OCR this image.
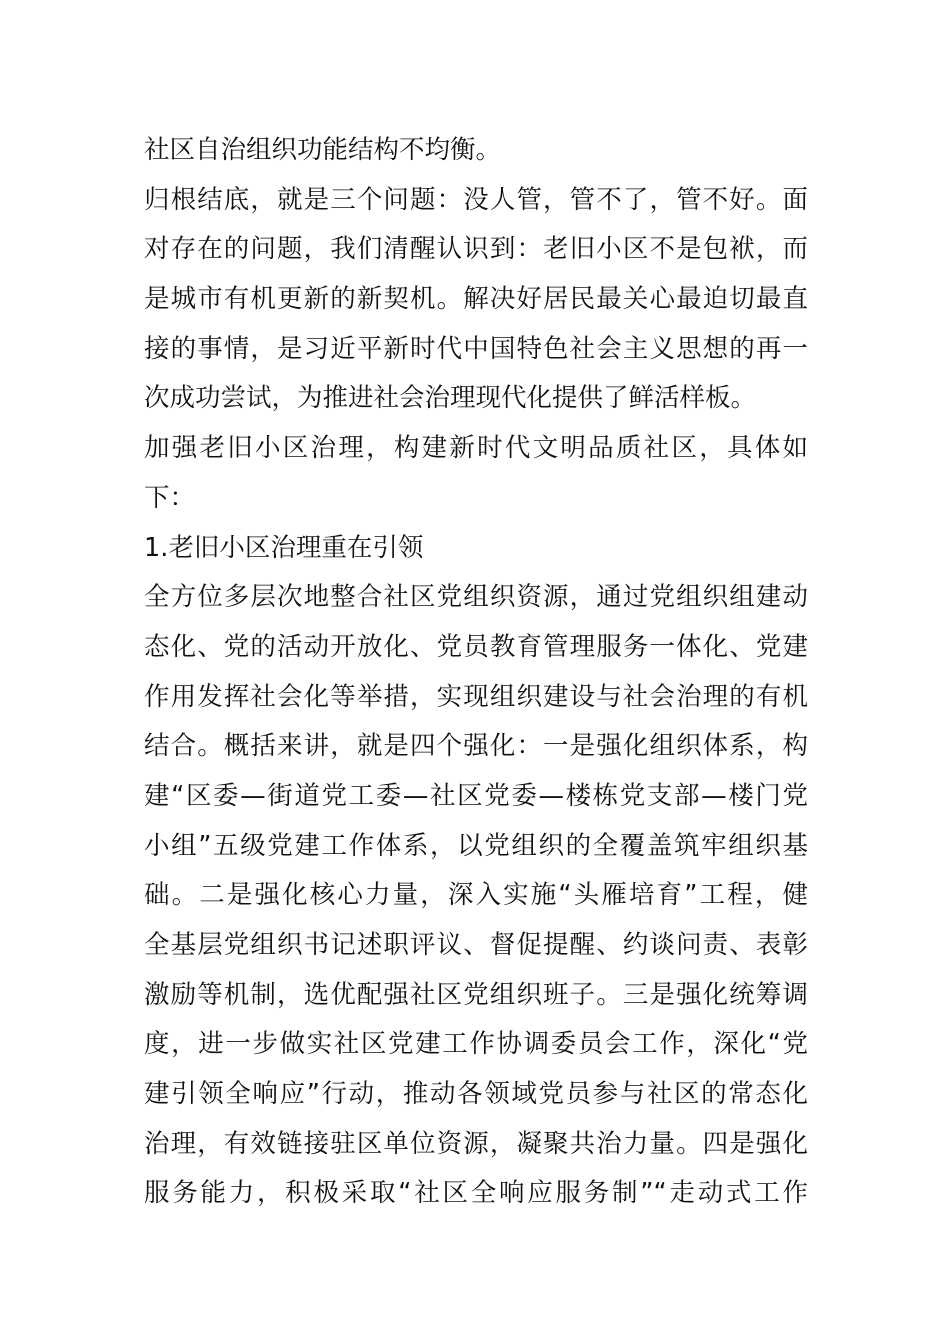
社区自治组织功能结构不均衡。
归根结底，就是三个问题：没人管，管不了，管不好。面
对存在的问题，我们清醒认识到：老旧小区不是包袱，而
是城市有机更新的新契机。解决好居民最关心最迫切最直
接的事情，是习近平新时代中国特色社会主义思想的再一
次成功尝试，为推进社会治理现代化提供了鲜活样板。
加强老旧小区治理，构建新时代文明品质社区，具体如
下：
1.老旧小区治理重在引领
全方位多层次地整合社区党组织资源，通过党组织组建动
态化、党的活动开放化、党员教育管理服务一体化、党建
作用发挥社会化等举措，实现组织建设与社会治理的有机
结合。概括来讲，就是四个强化：一是强化组织体系，构
建“区委—街道党工委—社区党委—楼栋党支部—楼门党
小组”五级党建工作体系，以党组织的全覆盖筑牢组织基
础。二是强化核心力量，深入实施“头雁培育”工程，健
全基层党组织书记述职评议、督促提醒、约谈问责、表彰
激励等机制，选优配强社区党组织班子。三是强化统筹调
度，进一步做实社区党建工作协调委员会工作，深化“党
建引领全响应”行动，推动各领域党员参与社区的常态化
治理，有效链接驻区单位资源，凝聚共治力量。四是强化
服务能力，积极采取“社区全响应服务制”“走动式工作
